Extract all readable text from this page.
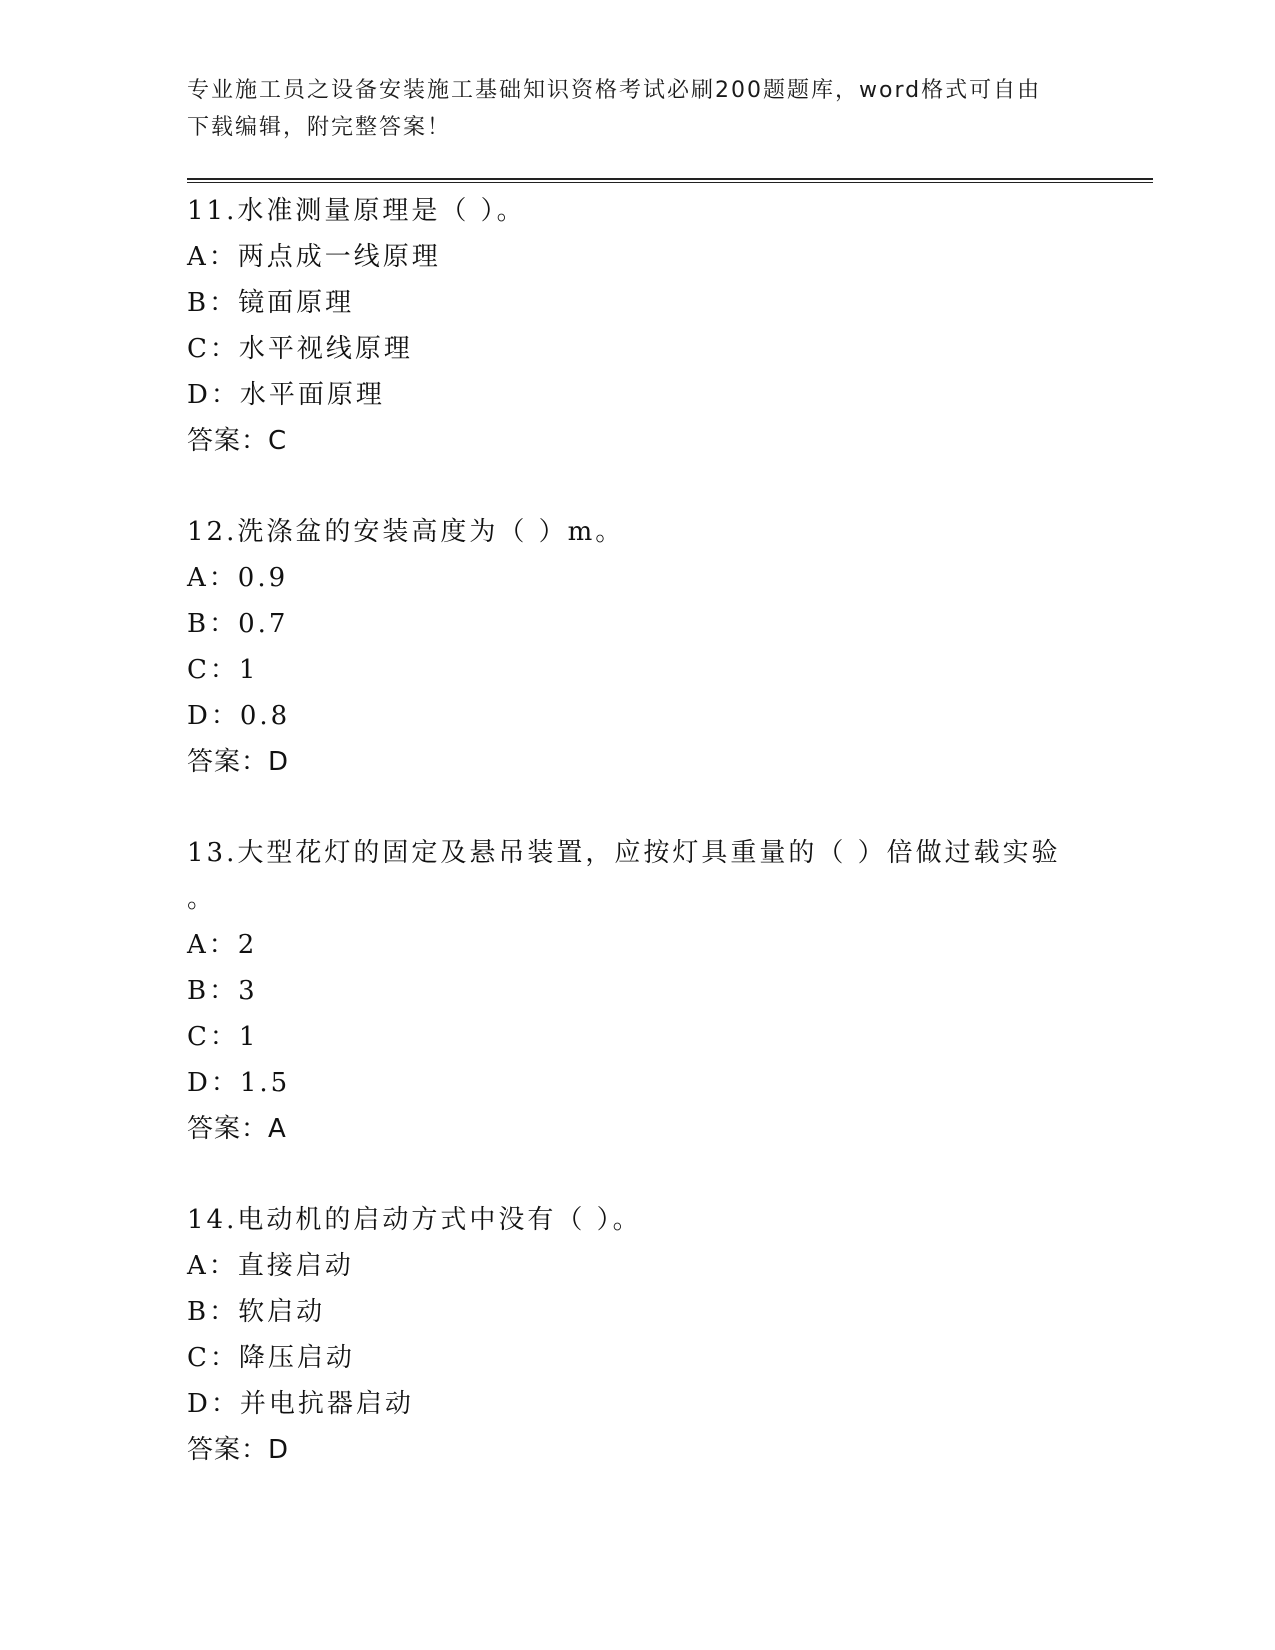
专业施工员之设备安装施工基础知识资格考试必刷200题题库，word格式可自由
下载编辑，附完整答案！
11.水准测量原理是（ ）。
A：两点成一线原理
B：镜面原理
C：水平视线原理
D：水平面原理
答案：C
12.洗涤盆的安装高度为（ ）m。
A：0.9
B：0.7
C：1
D：0.8
答案：D
13.大型花灯的固定及悬吊装置，应按灯具重量的（ ）倍做过载实验
。
A：2
B：3
C：1
D：1.5
答案：A
14.电动机的启动方式中没有（ ）。
A：直接启动
B：软启动
C：降压启动
D：并电抗器启动
答案：D
